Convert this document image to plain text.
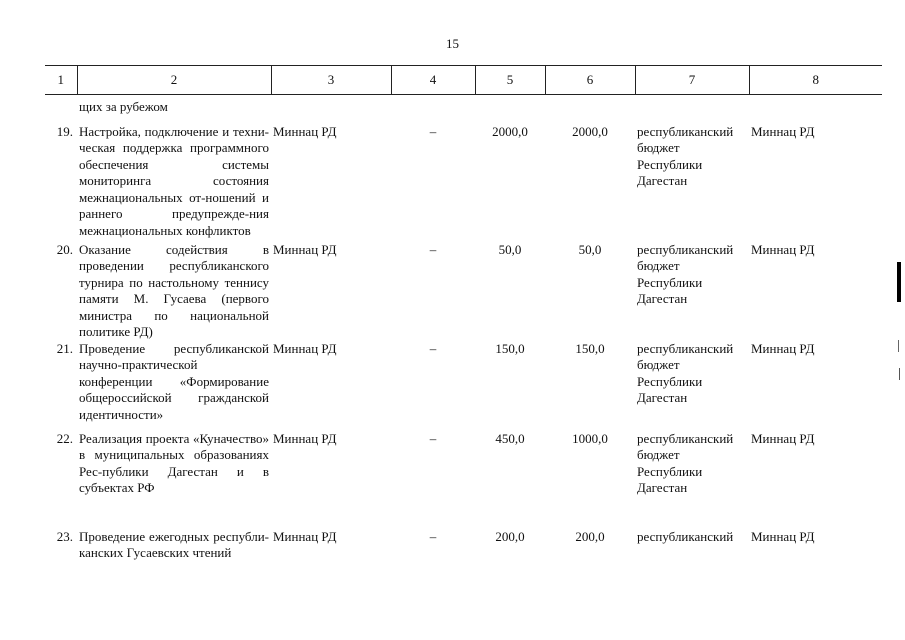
15
1	2	3	4	5	6	7	8
	щих за рубежом						
19.	Настройка, подключение и техни-ческая поддержка программного обеспечения системы мониторинга состояния межнациональных от-ношений и раннего предупрежде-ния межнациональных конфликтов	Миннац РД	–	2000,0	2000,0	республиканский бюджет Республики Дагестан	Миннац РД
20.	Оказание содействия в проведении республиканского турнира по настольному теннису памяти М. Гусаева (первого министра по национальной политике РД)	Миннац РД	–	50,0	50,0	республиканский бюджет Республики Дагестан	Миннац РД
21.	Проведение республиканской научно-практической конференции «Формирование общероссийской гражданской идентичности»	Миннац РД	–	150,0	150,0	республиканский бюджет Республики Дагестан	Миннац РД
22.	Реализация проекта «Куначество» в муниципальных образованиях Рес-публики Дагестан и в субъектах РФ	Миннац РД	–	450,0	1000,0	республиканский бюджет Республики Дагестан	Миннац РД
23.	Проведение ежегодных республи-канских Гусаевских чтений	Миннац РД	–	200,0	200,0	республиканский	Миннац РД
